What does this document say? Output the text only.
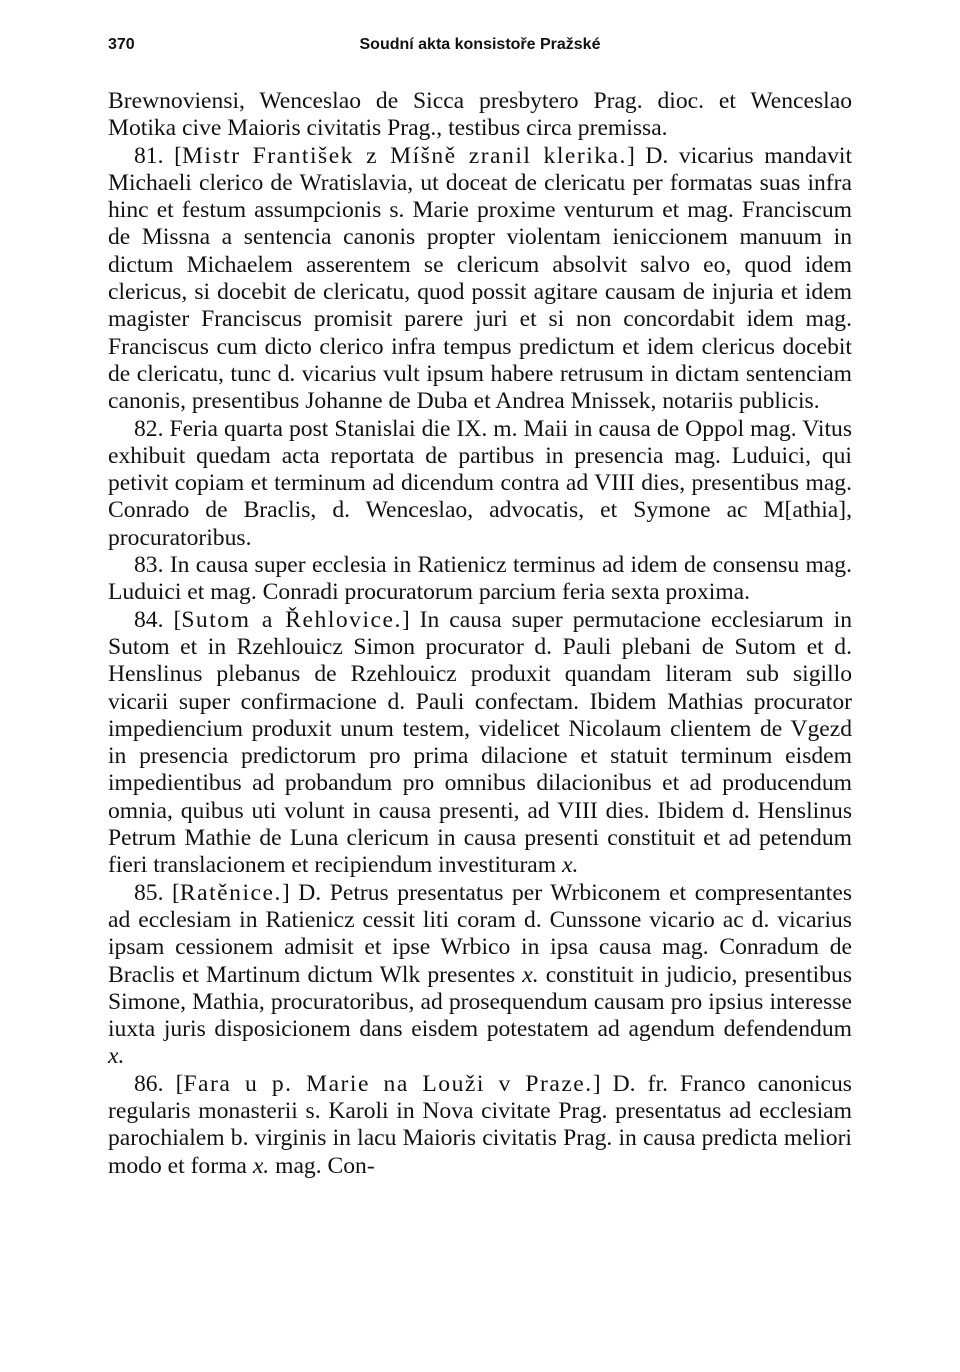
370	Soudní akta konsistoře Pražské

Brewnoviensi, Wenceslao de Sicca presbytero Prag. dioc. et Wenceslao Motika cive Maioris civitatis Prag., testibus circa premissa.

81. [Mistr František z Míšně zranil klerika.] D. vicarius mandavit Michaeli clerico de Wratislavia, ut doceat de clericatu per formatas suas infra hinc et festum assumpcionis s. Marie proxime venturum et mag. Franciscum de Missna a sentencia canonis propter violentam ieniccionem manuum in dictum Michaelem asserentem se clericum absolvit salvo eo, quod idem clericus, si docebit de clericatu, quod possit agitare causam de injuria et idem magister Franciscus promisit parere juri et si non concordabit idem mag. Franciscus cum dicto clerico infra tempus predictum et idem clericus docebit de clericatu, tunc d. vicarius vult ipsum habere retrusum in dictam sentenciam canonis, presentibus Johanne de Duba et Andrea Mnissek, notariis publicis.

82. Feria quarta post Stanislai die IX. m. Maii in causa de Oppol mag. Vitus exhibuit quedam acta reportata de partibus in presencia mag. Luduici, qui petivit copiam et terminum ad dicendum contra ad VIII dies, presentibus mag. Conrado de Braclis, d. Wenceslao, advocatis, et Symone ac M[athia], procuratoribus.

83. In causa super ecclesia in Ratienicz terminus ad idem de consensu mag. Luduici et mag. Conradi procuratorum parcium feria sexta proxima.

84. [Sutom a Řehlovice.] In causa super permutacione ecclesiarum in Sutom et in Rzehlouicz Simon procurator d. Pauli plebani de Sutom et d. Henslinus plebanus de Rzehlouicz produxit quandam literam sub sigillo vicarii super confirmacione d. Pauli confectam. Ibidem Mathias procurator impediencium produxit unum testem, videlicet Nicolaum clientem de Vgezd in presencia predictorum pro prima dilacione et statuit terminum eisdem impedientibus ad probandum pro omnibus dilacionibus et ad producendum omnia, quibus uti volunt in causa presenti, ad VIII dies. Ibidem d. Henslinus Petrum Mathie de Luna clericum in causa presenti constituit et ad petendum fieri translacionem et recipiendum investituram x.

85. [Ratěnice.] D. Petrus presentatus per Wrbiconem et compresentantes ad ecclesiam in Ratienicz cessit liti coram d. Cunssone vicario ac d. vicarius ipsam cessionem admisit et ipse Wrbico in ipsa causa mag. Conradum de Braclis et Martinum dictum Wlk presentes x. constituit in judicio, presentibus Simone, Mathia, procuratoribus, ad prosequendum causam pro ipsius interesse iuxta juris disposicionem dans eisdem potestatem ad agendum defendendum x.

86. [Fara u p. Marie na Louži v Praze.] D. fr. Franco canonicus regularis monasterii s. Karoli in Nova civitate Prag. presentatus ad ecclesiam parochialem b. virginis in lacu Maioris civitatis Prag. in causa predicta meliori modo et forma x. mag. Con-
